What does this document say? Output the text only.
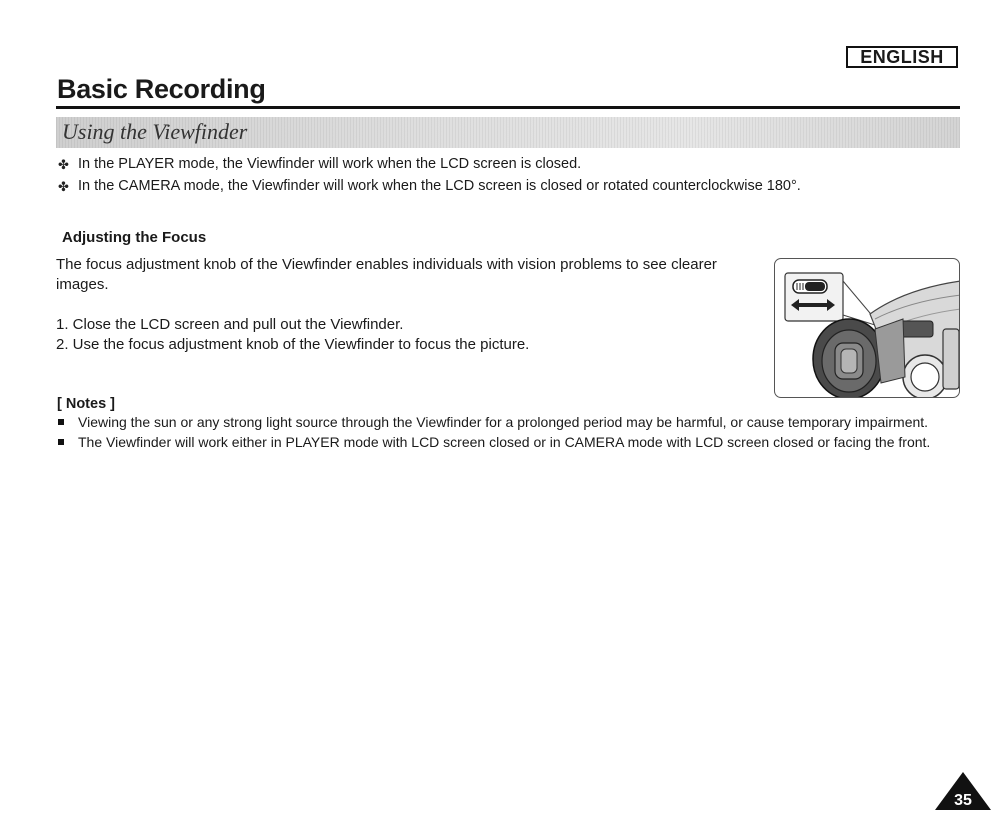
ENGLISH
Basic Recording
Using the Viewfinder
✤ In the PLAYER mode, the Viewfinder will work when the LCD screen is closed.
✤ In the CAMERA mode, the Viewfinder will work when the LCD screen is closed or rotated counterclockwise 180°.
Adjusting the Focus

The focus adjustment knob of the Viewfinder enables individuals with vision problems to see clearer images.

1. Close the LCD screen and pull out the Viewfinder.
2. Use the focus adjustment knob of the Viewfinder to focus the picture.
[ Notes ]
Viewing the sun or any strong light source through the Viewfinder for a prolonged period may be harmful, or cause temporary impairment.
The Viewfinder will work either in PLAYER mode with LCD screen closed or in CAMERA mode with LCD screen closed or facing the front.
35
